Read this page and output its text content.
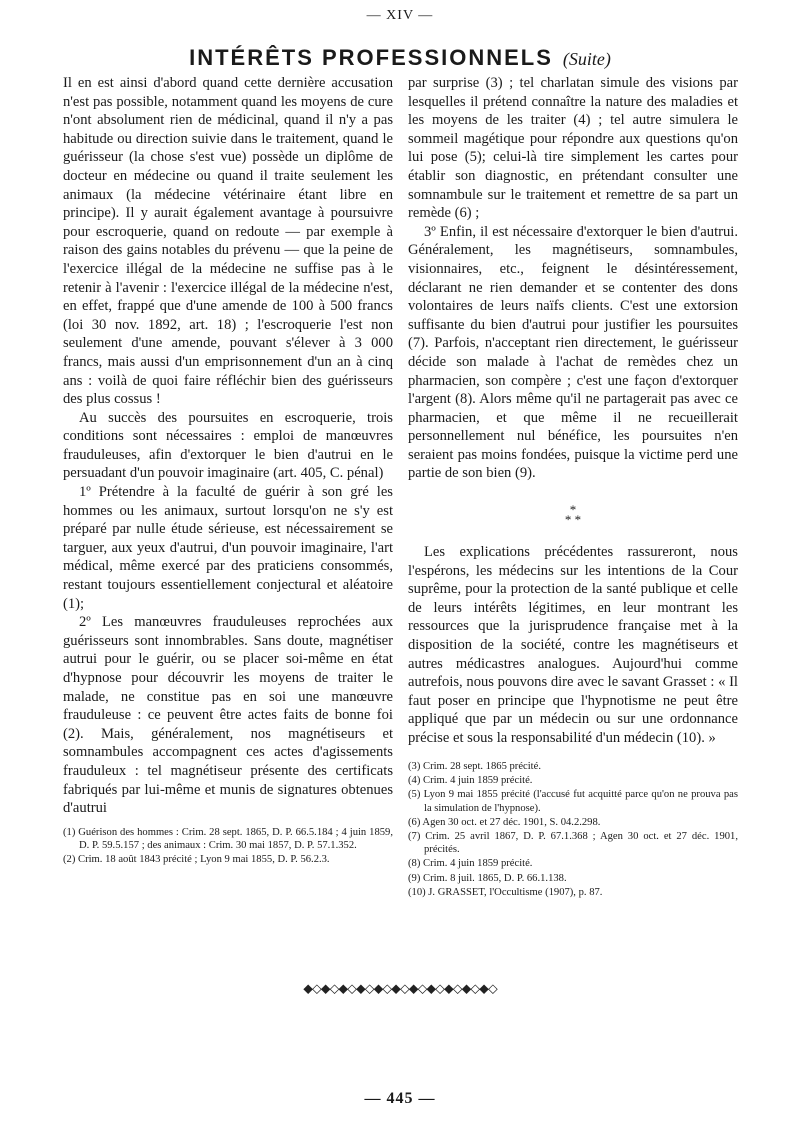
— XIV —
INTÉRÊTS PROFESSIONNELS (Suite)

Il en est ainsi d'abord quand cette dernière accusation n'est pas possible, notamment quand les moyens de cure n'ont absolument rien de médicinal, quand il n'y a pas habitude ou direction suivie dans le traitement, quand le guérisseur (la chose s'est vue) possède un diplôme de docteur en médecine ou quand il traite seulement les animaux (la médecine vétérinaire étant libre en principe). Il y aurait également avantage à poursuivre pour escroquerie, quand on redoute — par exemple à raison des gains notables du prévenu — que la peine de l'exercice illégal de la médecine ne suffise pas à le retenir à l'avenir : l'exercice illégal de la médecine n'est, en effet, frappé que d'une amende de 100 à 500 francs (loi 30 nov. 1892, art. 18) ; l'escroquerie l'est non seulement d'une amende, pouvant s'élever à 3 000 francs, mais aussi d'un emprisonnement d'un an à cinq ans : voilà de quoi faire réfléchir bien des guérisseurs des plus cossus !

Au succès des poursuites en escroquerie, trois conditions sont nécessaires : emploi de manœuvres frauduleuses, afin d'extorquer le bien d'autrui en le persuadant d'un pouvoir imaginaire (art. 405, C. pénal)

1º Prétendre à la faculté de guérir à son gré les hommes ou les animaux, surtout lorsqu'on ne s'y est préparé par nulle étude sérieuse, est nécessairement se targuer, aux yeux d'autrui, d'un pouvoir imaginaire, l'art médical, même exercé par des praticiens consommés, restant toujours essentiellement conjectural et aléatoire (1);

2º Les manœuvres frauduleuses reprochées aux guérisseurs sont innombrables. Sans doute, magnétiser autrui pour le guérir, ou se placer soi-même en état d'hypnose pour découvrir les moyens de traiter le malade, ne constitue pas en soi une manœuvre frauduleuse : ce peuvent être actes faits de bonne foi (2). Mais, généralement, nos magnétiseurs et somnambules accompagnent ces actes d'agissements frauduleux : tel magnétiseur présente des certificats fabriqués par lui-même et munis de signatures obtenues d'autrui

par surprise (3) ; tel charlatan simule des visions par lesquelles il prétend connaître la nature des maladies et les moyens de les traiter (4) ; tel autre simulera le sommeil magétique pour répondre aux questions qu'on lui pose (5); celui-là tire simplement les cartes pour établir son diagnostic, en prétendant consulter une somnambule sur le traitement et remettre de sa part un remède (6) ;

3º Enfin, il est nécessaire d'extorquer le bien d'autrui. Généralement, les magnétiseurs, somnambules, visionnaires, etc., feignent le désintéressement, déclarant ne rien demander et se contenter des dons volontaires de leurs naïfs clients. C'est une extorsion suffisante du bien d'autrui pour justifier les poursuites (7). Parfois, n'acceptant rien directement, le guérisseur décide son malade à l'achat de remèdes chez un pharmacien, son compère ; c'est une façon d'extorquer l'argent (8). Alors même qu'il ne partagerait pas avec ce pharmacien, et que même il ne recueillerait personnellement nul bénéfice, les poursuites n'en seraient pas moins fondées, puisque la victime perd une partie de son bien (9).

*
* *

Les explications précédentes rassureront, nous l'espérons, les médecins sur les intentions de la Cour suprême, pour la protection de la santé publique et celle de leurs intérêts légitimes, en leur montrant les ressources que la jurisprudence française met à la disposition de la société, contre les magnétiseurs et autres médicastres analogues. Aujourd'hui comme autrefois, nous pouvons dire avec le savant Grasset : « Il faut poser en principe que l'hypnotisme ne peut être appliqué que par un médecin ou sur une ordonnance précise et sous la responsabilité d'un médecin (10). »

(1) Guérison des hommes : Crim. 28 sept. 1865, D. P. 66.5.184 ; 4 juin 1859, D. P. 59.5.157 ; des animaux : Crim. 30 mai 1857, D. P. 57.1.352.

(2) Crim. 18 août 1843 précité ; Lyon 9 mai 1855, D. P. 56.2.3.

(3) Crim. 28 sept. 1865 précité.

(4) Crim. 4 juin 1859 précité.

(5) Lyon 9 mai 1855 précité (l'accusé fut acquitté parce qu'on ne prouva pas la simulation de l'hypnose).

(6) Agen 30 oct. et 27 déc. 1901, S. 04.2.298.

(7) Crim. 25 avril 1867, D. P. 67.1.368 ; Agen 30 oct. et 27 déc. 1901, précités.

(8) Crim. 4 juin 1859 précité.

(9) Crim. 8 juil. 1865, D. P. 66.1.138.

(10) J. GRASSET, l'Occultisme (1907), p. 87.

⬥⬦⬥⬦⬥⬦⬥⬦⬥⬦⬥⬦⬥⬦⬥⬦⬥⬦⬥⬦⬥⬦
— 445 —
